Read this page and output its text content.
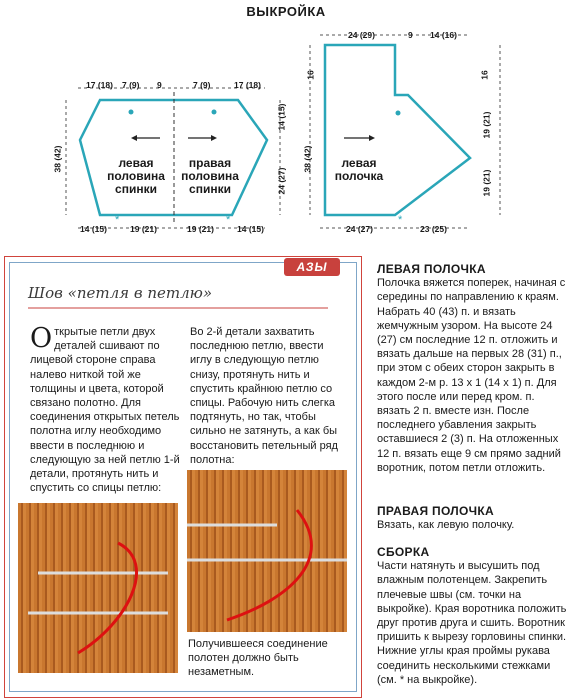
ВЫКРОЙКА
*	*	*
17 (18) 7 (9) 9	7 (9)	17 (18)
14 (15)	19 (21)	19 (21)	14 (15)
38 (42)
14 (15)
24 (27)
левая
половина
спинки
правая
половина
спинки
24 (29)	9 14 (16)
24 (27)	23 (25)
16
38 (42)
16
19 (21)
19 (21)
левая
полочка
АЗЫ
Шов «петля в петлю»
Открытые петли двух деталей сшивают по лицевой стороне справа налево ниткой той же толщины и цвета, которой связано полотно. Для соединения открытых петель полотна иглу необходимо ввести в последнюю и следующую за ней петлю 1-й детали, протянуть нить и спустить со спицы петлю:
Во 2-й детали захватить последнюю петлю, ввести иглу в следующую петлю снизу, протянуть нить и спустить крайнюю петлю со спицы. Рабочую нить слегка подтянуть, но так, чтобы сильно не затянуть, а как бы восстановить петельный ряд полотна:
Получившееся соединение полотен должно быть незаметным.
ЛЕВАЯ ПОЛОЧКА
Полочка вяжется поперек, начиная с середины по направлению к краям. Набрать 40 (43) п. и вязать жемчужным узором. На высоте 24 (27) см последние 12 п. отложить и вязать дальше на первых 28 (31) п., при этом с обеих сторон закрыть в каждом 2-м р. 13 х 1 (14 х 1) п. Для этого после или перед кром. п. вязать 2 п. вместе изн. После последнего убавления закрыть оставшиеся 2 (3) п. На отложенных 12 п. вязать еще 9 см прямо задний воротник, потом петли отложить.
ПРАВАЯ ПОЛОЧКА
Вязать, как левую полочку.
СБОРКА
Части натянуть и высушить под влажным полотенцем. Закрепить плечевые швы (см. точки на выкройке). Края воротника положить друг против друга и сшить. Воротник пришить к вырезу горловины спинки. Нижние углы края проймы рукава соединить несколькими стежками (см. * на выкройке).
